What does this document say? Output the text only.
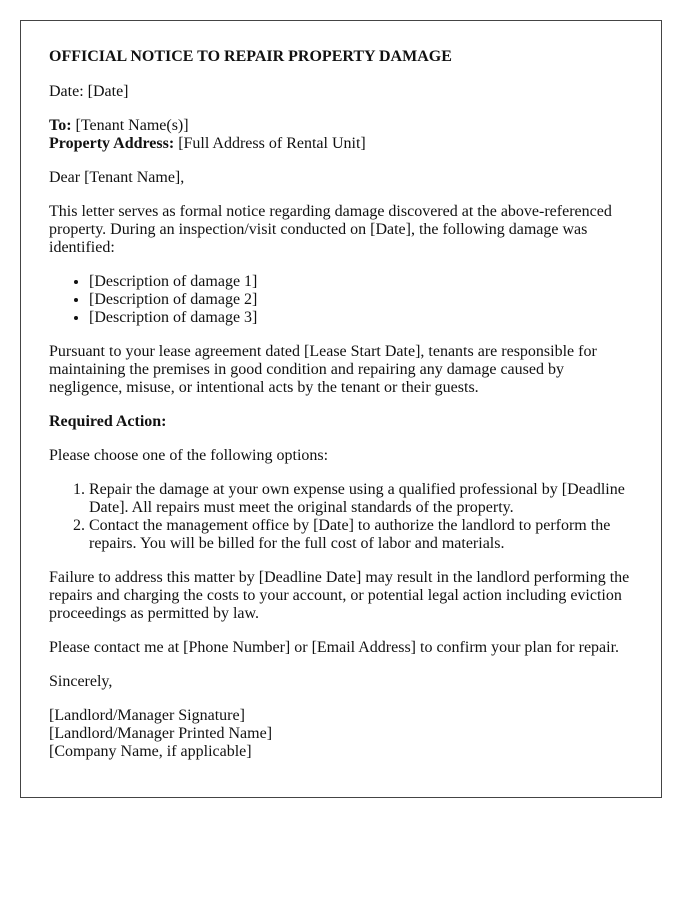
OFFICIAL NOTICE TO REPAIR PROPERTY DAMAGE

Date: [Date]

To: [Tenant Name(s)]
Property Address: [Full Address of Rental Unit]

Dear [Tenant Name],

This letter serves as formal notice regarding damage discovered at the above-referenced property. During an inspection/visit conducted on [Date], the following damage was identified:

• [Description of damage 1]
• [Description of damage 2]
• [Description of damage 3]

Pursuant to your lease agreement dated [Lease Start Date], tenants are responsible for maintaining the premises in good condition and repairing any damage caused by negligence, misuse, or intentional acts by the tenant or their guests.

Required Action:

Please choose one of the following options:

1. Repair the damage at your own expense using a qualified professional by [Deadline Date]. All repairs must meet the original standards of the property.
2. Contact the management office by [Date] to authorize the landlord to perform the repairs. You will be billed for the full cost of labor and materials.

Failure to address this matter by [Deadline Date] may result in the landlord performing the repairs and charging the costs to your account, or potential legal action including eviction proceedings as permitted by law.

Please contact me at [Phone Number] or [Email Address] to confirm your plan for repair.

Sincerely,

[Landlord/Manager Signature]
[Landlord/Manager Printed Name]
[Company Name, if applicable]
